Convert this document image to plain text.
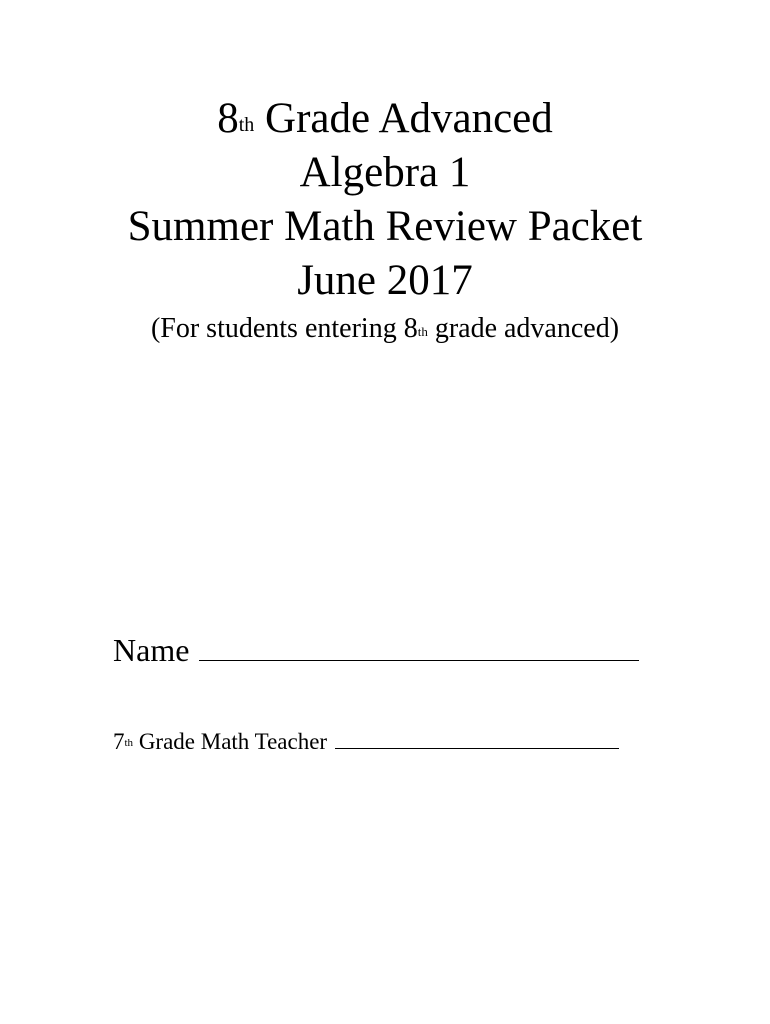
8th Grade Advanced
Algebra 1
Summer Math Review Packet
June 2017
(For students entering 8th grade advanced)
Name
7th Grade Math Teacher
